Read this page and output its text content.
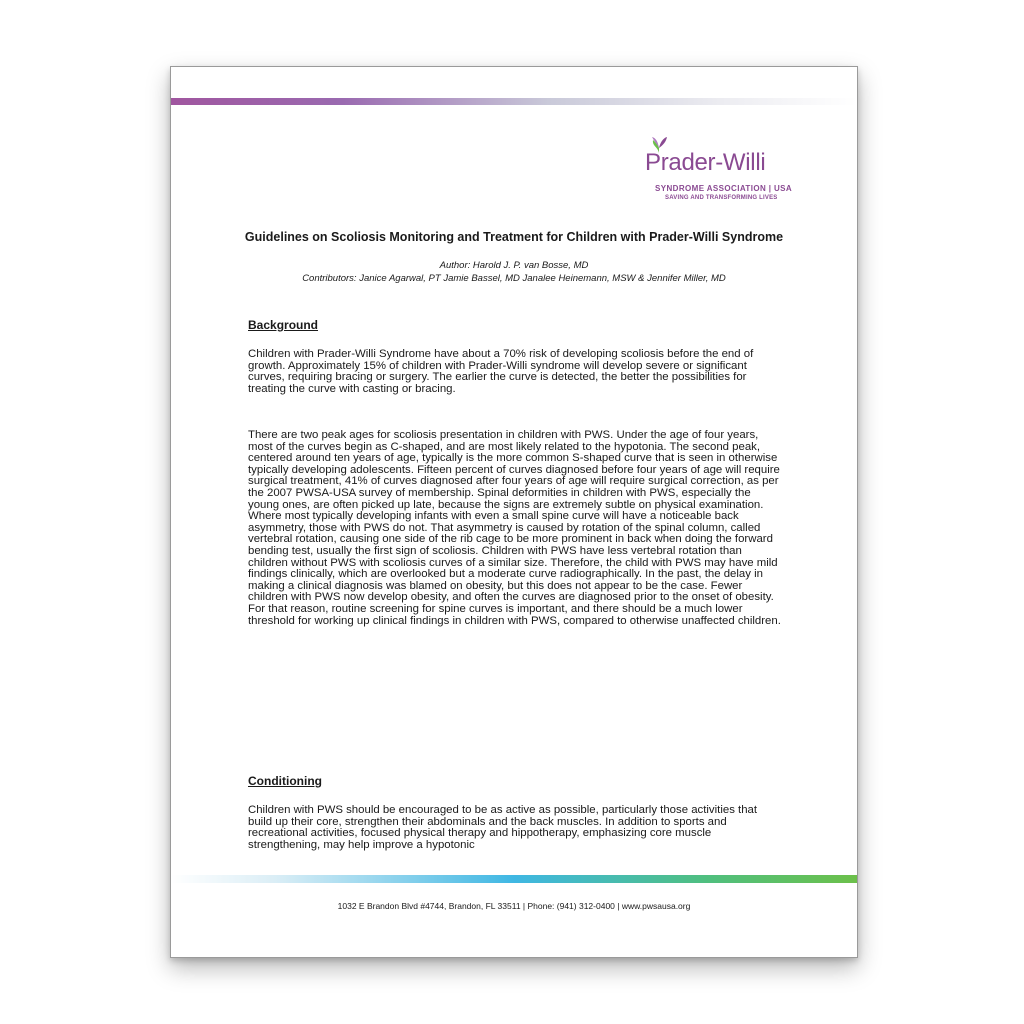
Prader-Willi
SYNDROME ASSOCIATION | USA
SAVING AND TRANSFORMING LIVES
Guidelines on Scoliosis Monitoring and Treatment for Children with Prader-Willi Syndrome
Author: Harold J. P. van Bosse, MD
Contributors: Janice Agarwal, PT Jamie Bassel, MD Janalee Heinemann, MSW & Jennifer Miller, MD
Background

Children with Prader-Willi Syndrome have about a 70% risk of developing scoliosis before the end of growth. Approximately 15% of children with Prader-Willi syndrome will develop severe or significant curves, requiring bracing or surgery. The earlier the curve is detected, the better the possibilities for treating the curve with casting or bracing.

There are two peak ages for scoliosis presentation in children with PWS. Under the age of four years, most of the curves begin as C-shaped, and are most likely related to the hypotonia. The second peak, centered around ten years of age, typically is the more common S-shaped curve that is seen in otherwise typically developing adolescents. Fifteen percent of curves diagnosed before four years of age will require surgical treatment, 41% of curves diagnosed after four years of age will require surgical correction, as per the 2007 PWSA-USA survey of membership. Spinal deformities in children with PWS, especially the young ones, are often picked up late, because the signs are extremely subtle on physical examination. Where most typically developing infants with even a small spine curve will have a noticeable back asymmetry, those with PWS do not. That asymmetry is caused by rotation of the spinal column, called vertebral rotation, causing one side of the rib cage to be more prominent in back when doing the forward bending test, usually the first sign of scoliosis. Children with PWS have less vertebral rotation than children without PWS with scoliosis curves of a similar size. Therefore, the child with PWS may have mild findings clinically, which are overlooked but a moderate curve radiographically. In the past, the delay in making a clinical diagnosis was blamed on obesity, but this does not appear to be the case. Fewer children with PWS now develop obesity, and often the curves are diagnosed prior to the onset of obesity. For that reason, routine screening for spine curves is important, and there should be a much lower threshold for working up clinical findings in children with PWS, compared to otherwise unaffected children.

Conditioning

Children with PWS should be encouraged to be as active as possible, particularly those activities that build up their core, strengthen their abdominals and the back muscles. In addition to sports and recreational activities, focused physical therapy and hippotherapy, emphasizing core muscle strengthening, may help improve a hypotonic

1032 E Brandon Blvd #4744, Brandon, FL 33511 | Phone: (941) 312-0400 | www.pwsausa.org
